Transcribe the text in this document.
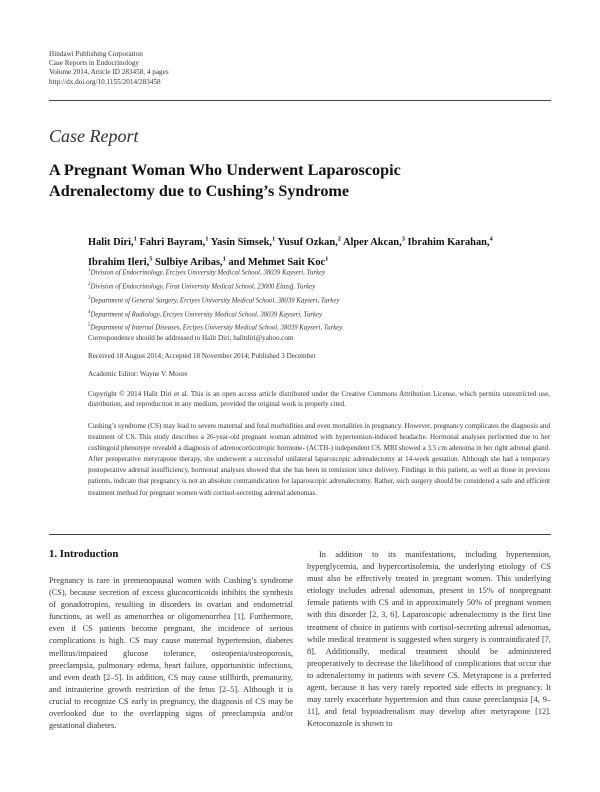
Hindawi Publishing Corporation
Case Reports in Endocrinology
Volume 2014, Article ID 283458, 4 pages
http://dx.doi.org/10.1155/2014/283458
Case Report
A Pregnant Woman Who Underwent Laparoscopic
Adrenalectomy due to Cushing’s Syndrome
Halit Diri,$^1$ Fahri Bayram,$^1$ Yasin Simsek,$^1$ Yusuf Ozkan,$^2$ Alper Akcan,$^3$ Ibrahim Karahan,$^4$
Ibrahim Ileri,$^5$ Sulbiye Aribas,$^1$ and Mehmet Sait Koc$^1$
$^1$Division of Endocrinology, Erciyes University Medical School, 38039 Kayseri, Turkey
$^2$Division of Endocrinology, Firat University Medical School, 23000 Elazığ, Turkey
$^3$Department of General Surgery, Erciyes University Medical School, 38039 Kayseri, Turkey
$^4$Department of Radiology, Erciyes University Medical School, 38039 Kayseri, Turkey
$^5$Department of Internal Diseases, Erciyes University Medical School, 38039 Kayseri, Turkey
Correspondence should be addressed to Halit Diri; halitdiri@yahoo.com
Received 18 August 2014; Accepted 18 November 2014; Published 3 December
Academic Editor: Wayne V. Moore
Copyright © 2014 Halit Diri et al. This is an open access article distributed under the Creative Commons Attribution License, which permits unrestricted use, distribution, and reproduction in any medium, provided the original work is properly cited.
Cushing’s syndrome (CS) may lead to severe maternal and fetal morbidities and even mortalities in pregnancy. However, pregnancy complicates the diagnosis and treatment of CS. This study describes a 26-year-old pregnant woman admitted with hypertension-induced headache. Hormonal analyses performed due to her cushingoid phenotype revealed a diagnosis of adrenocorticotropic hormone- (ACTH-) independent CS. MRI showed a 3.5 cm adenoma in her right adrenal gland. After preoperative metyrapone therapy, she underwent a successful unilateral laparoscopic adrenalectomy at 14-week gestation. Although she had a temporary postoperative adrenal insufficiency, hormonal analyses showed that she has been in remission since delivery. Findings in this patient, as well as those in previous patients, indicate that pregnancy is not an absolute contraindication for laparoscopic adrenalectomy. Rather, such surgery should be considered a safe and efficient treatment method for pregnant women with cortisol-secreting adrenal adenomas.
1. Introduction

Pregnancy is rare in premenopausal women with Cushing’s syndrome (CS), because secretion of excess glucocorticoids inhibits the synthesis of gonadotropins, resulting in disorders in ovarian and endometrial functions, as well as amenorrhea or oligomenorrhea [1]. Furthermore, even if CS patients become pregnant, the incidence of serious complications is high. CS may cause maternal hypertension, diabetes mellitus/impaired glucose tolerance, osteopenia/osteoporosis, preeclampsia, pulmonary edema, heart failure, opportunistic infections, and even death [2–5]. In addition, CS may cause stillbirth, prematurity, and intrauterine growth restriction of the fetus [2–5]. Although it is crucial to recognize CS early in pregnancy, the diagnosis of CS may be overlooked due to the overlapping signs of preeclampsia and/or gestational diabetes.

In addition to its manifestations, including hypertension, hyperglycemia, and hypercortisolemia, the underlying etiology of CS must also be effectively treated in pregnant women. This underlying etiology includes adrenal adenomas, present in 15% of nonpregnant female patients with CS and in approximately 50% of pregnant women with this disorder [2, 3, 6]. Laparoscopic adrenalectomy is the first line treatment of choice in patients with cortisol-secreting adrenal adenomas, while medical treatment is suggested when surgery is contraindicated [7, 8]. Additionally, medical treatment should be administered preoperatively to decrease the likelihood of complications that occur due to adrenalectomy in patients with severe CS. Metyrapone is a preferred agent, because it has very rarely reported side effects in pregnancy. It may rarely exacerbate hypertension and thus cause preeclampsia [4, 9–11], and fetal hypoadrenalism may develop after metyrapone [12]. Ketoconazole is shown to
